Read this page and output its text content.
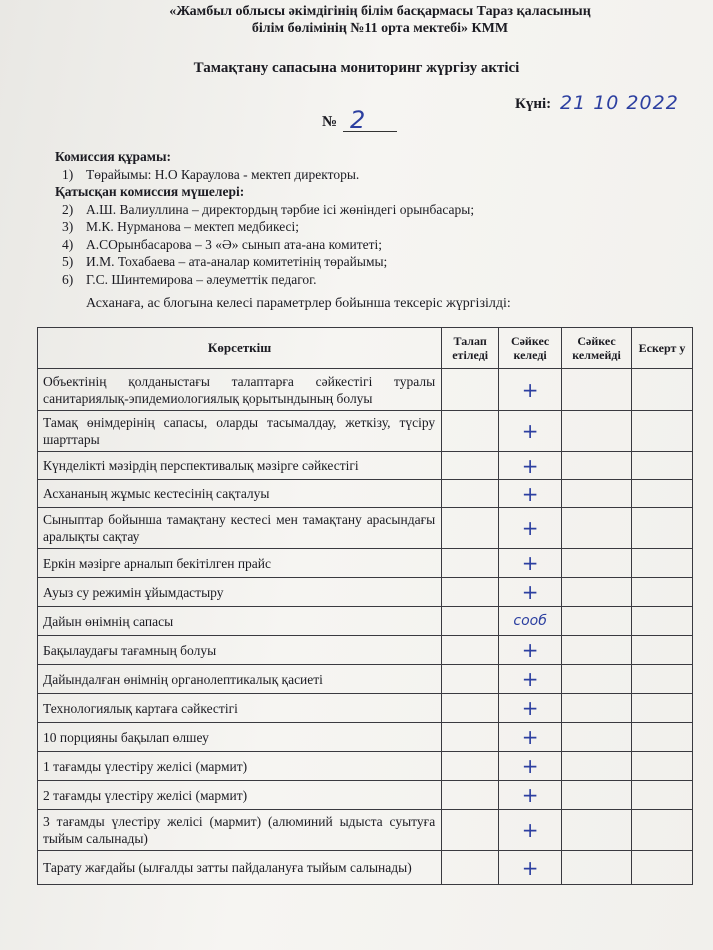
«Жамбыл облысы әкімдігінің білім басқармасы Тараз қаласының
білім бөлімінің №11 орта мектебі» КММ
Тамақтану сапасына мониторинг жүргізу актісі
Күні: 21 10 2022
№ 2
Комиссия құрамы:
1) Төрайымы: Н.О Караулова - мектеп директоры.
Қатысқан комиссия мүшелері:
2) А.Ш. Валиуллина – директордың тәрбие ісі жөніндегі орынбасары;
3) М.К. Нурманова – мектеп медбикесі;
4) А.СОрынбасарова – 3 «Ә» сынып ата-ана комитеті;
5) И.М. Тохабаева – ата-аналар комитетінің төрайымы;
6) Г.С. Шинтемирова – әлеуметтік педагог.
Асханаға, ас блогына келесі параметрлер бойынша тексеріс жүргізілді:
Көрсеткіш	Талап етіледі	Сәйкес келеді	Сәйкес келмейді	Ескерт у
Объектінің қолданыстағы талаптарға сәйкестігі туралы санитариялық-эпидемиологиялық қорытындының болуы		+		
Тамақ өнімдерінің сапасы, оларды тасымалдау, жеткізу, түсіру шарттары		+		
Күнделікті мәзірдің перспективалық мәзірге сәйкестігі		+		
Асхананың жұмыс кестесінің сақталуы		+		
Сыныптар бойынша тамақтану кестесі мен тамақтану арасындағы аралықты сақтау		+		
Еркін мәзірге арналып бекітілген прайс		+		
Ауыз су режимін ұйымдастыру		+		
Дайын өнімнің сапасы		сооб		
Бақылаудағы тағамның болуы		+		
Дайындалған өнімнің органолептикалық қасиеті		+		
Технологиялық картаға сәйкестігі		+		
10 порцияны бақылап өлшеу		+		
1 тағамды үлестіру желісі (мармит)		+		
2 тағамды үлестіру желісі (мармит)		+		
3 тағамды үлестіру желісі (мармит) (алюминий ыдыста суытуға тыйым салынады)		+		
Тарату жағдайы (ылғалды затты пайдалануға тыйым салынады)		+		
